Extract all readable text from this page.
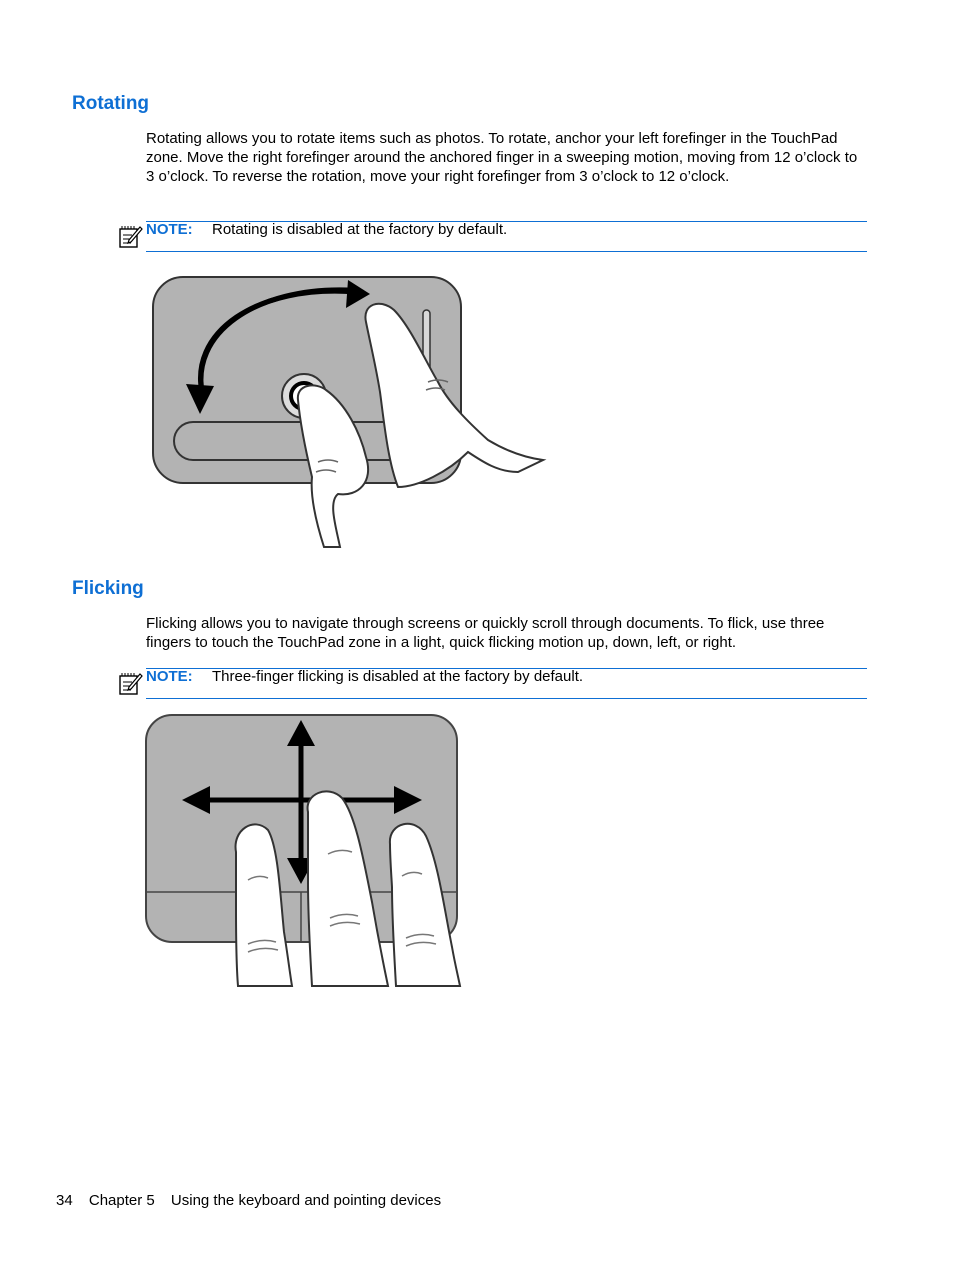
Rotating

Rotating allows you to rotate items such as photos. To rotate, anchor your left forefinger in the TouchPad zone. Move the right forefinger around the anchored finger in a sweeping motion, moving from 12 o’clock to 3 o’clock. To reverse the rotation, move your right forefinger from 3 o’clock to 12 o’clock.

NOTE: Rotating is disabled at the factory by default.
Flicking

Flicking allows you to navigate through screens or quickly scroll through documents. To flick, use three fingers to touch the TouchPad zone in a light, quick flicking motion up, down, left, or right.

NOTE: Three-finger flicking is disabled at the factory by default.
34 Chapter 5 Using the keyboard and pointing devices
